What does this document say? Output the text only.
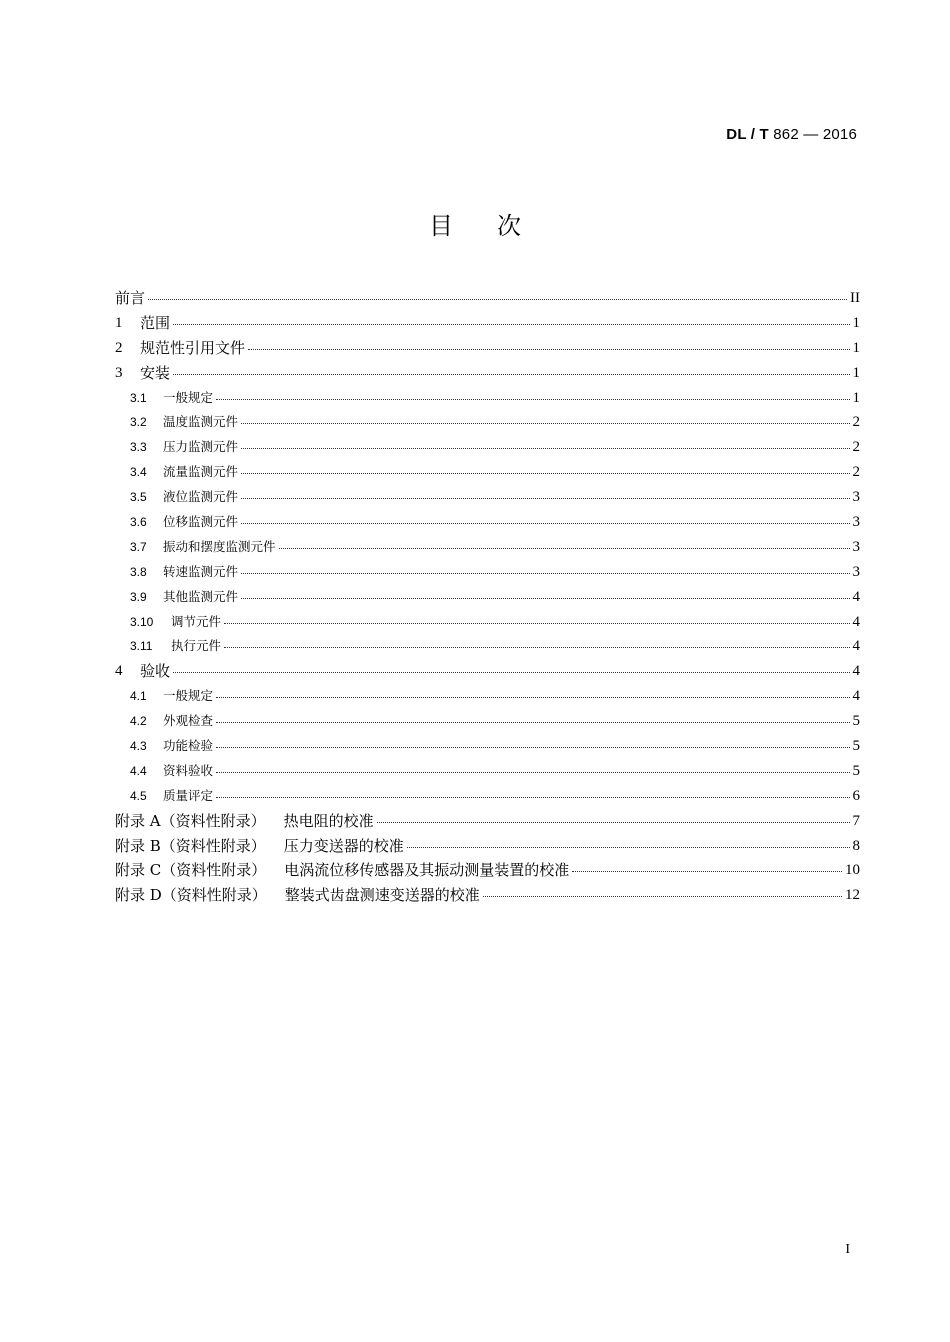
DL / T 862 — 2016
目次
前言	II
1	范围	1
2	规范性引用文件	1
3	安装	1
3.1	一般规定	1
3.2	温度监测元件	2
3.3	压力监测元件	2
3.4	流量监测元件	2
3.5	液位监测元件	3
3.6	位移监测元件	3
3.7	振动和摆度监测元件	3
3.8	转速监测元件	3
3.9	其他监测元件	4
3.10	调节元件	4
3.11	执行元件	4
4	验收	4
4.1	一般规定	4
4.2	外观检查	5
4.3	功能检验	5
4.4	资料验收	5
4.5	质量评定	6
附录 A（资料性附录） 热电阻的校准	7
附录 B（资料性附录） 压力变送器的校准	8
附录 C（资料性附录） 电涡流位移传感器及其振动测量装置的校准	10
附录 D（资料性附录） 整装式齿盘测速变送器的校准	12
I
